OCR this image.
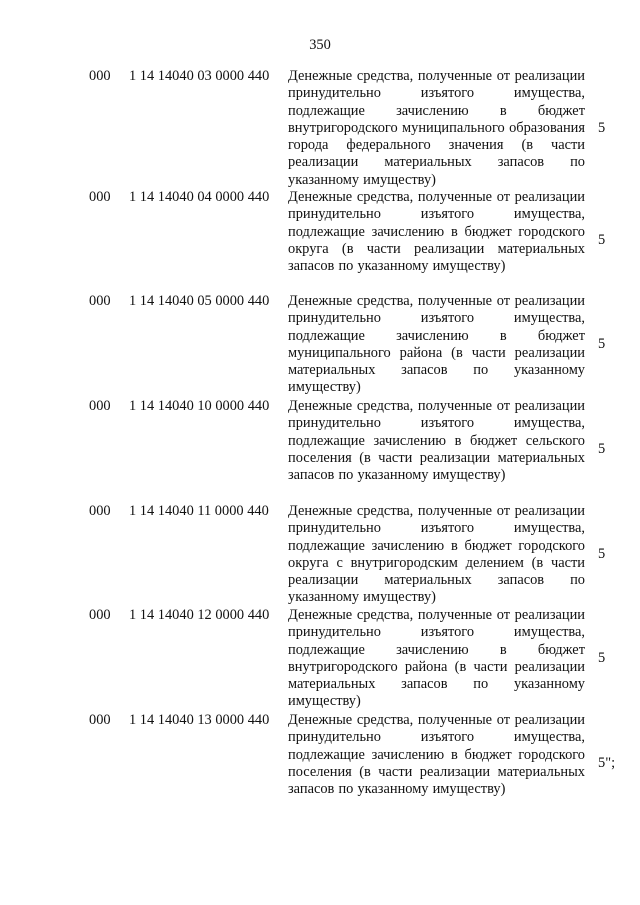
350
000 1 14 14040 03 0000 440 Денежные средства, полученные от реализации принудительно изъятого имущества, подлежащие зачислению в бюджет внутригородского муниципального образования города федерального значения (в части реализации материальных запасов по указанному имуществу)
5
000 1 14 14040 04 0000 440 Денежные средства, полученные от реализации принудительно изъятого имущества, подлежащие зачислению в бюджет городского округа (в части реализации материальных запасов по указанному имуществу)
5
000 1 14 14040 05 0000 440 Денежные средства, полученные от реализации принудительно изъятого имущества, подлежащие зачислению в бюджет муниципального района (в части реализации материальных запасов по указанному имуществу)
5
000 1 14 14040 10 0000 440 Денежные средства, полученные от реализации принудительно изъятого имущества, подлежащие зачислению в бюджет сельского поселения (в части реализации материальных запасов по указанному имуществу)
5
000 1 14 14040 11 0000 440 Денежные средства, полученные от реализации принудительно изъятого имущества, подлежащие зачислению в бюджет городского округа с внутригородским делением (в части реализации материальных запасов по указанному имуществу)
5
000 1 14 14040 12 0000 440 Денежные средства, полученные от реализации принудительно изъятого имущества, подлежащие зачислению в бюджет внутригородского района (в части реализации материальных запасов по указанному имуществу)
5
000 1 14 14040 13 0000 440 Денежные средства, полученные от реализации принудительно изъятого имущества, подлежащие зачислению в бюджет городского поселения (в части реализации материальных запасов по указанному имуществу)
5";
